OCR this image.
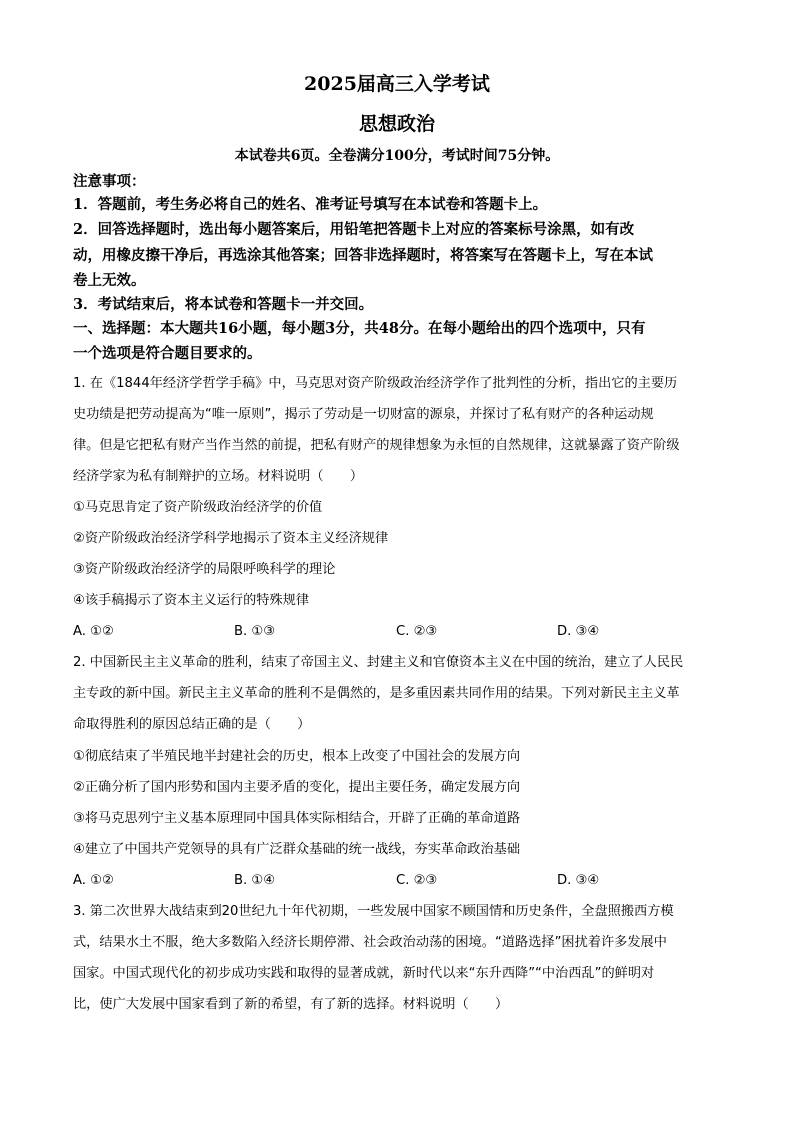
2025届高三入学考试
思想政治
本试卷共6页。全卷满分100分，考试时间75分钟。
注意事项：
1．答题前，考生务必将自己的姓名、准考证号填写在本试卷和答题卡上。
2．回答选择题时，选出每小题答案后，用铅笔把答题卡上对应的答案标号涂黑，如有改
动，用橡皮擦干净后，再选涂其他答案；回答非选择题时，将答案写在答题卡上，写在本试
卷上无效。
3．考试结束后，将本试卷和答题卡一并交回。
一、选择题：本大题共16小题，每小题3分，共48分。在每小题给出的四个选项中，只有
一个选项是符合题目要求的。
1. 在《1844年经济学哲学手稿》中，马克思对资产阶级政治经济学作了批判性的分析，指出它的主要历
史功绩是把劳动提高为“唯一原则”，揭示了劳动是一切财富的源泉，并探讨了私有财产的各种运动规
律。但是它把私有财产当作当然的前提，把私有财产的规律想象为永恒的自然规律，这就暴露了资产阶级
经济学家为私有制辩护的立场。材料说明（　　）
①马克思肯定了资产阶级政治经济学的价值
②资产阶级政治经济学科学地揭示了资本主义经济规律
③资产阶级政治经济学的局限呼唤科学的理论
④该手稿揭示了资本主义运行的特殊规律
A. ①②	B. ①③	C. ②③	D. ③④
2. 中国新民主主义革命的胜利，结束了帝国主义、封建主义和官僚资本主义在中国的统治，建立了人民民
主专政的新中国。新民主主义革命的胜利不是偶然的，是多重因素共同作用的结果。下列对新民主主义革
命取得胜利的原因总结正确的是（　　）
①彻底结束了半殖民地半封建社会的历史，根本上改变了中国社会的发展方向
②正确分析了国内形势和国内主要矛盾的变化，提出主要任务，确定发展方向
③将马克思列宁主义基本原理同中国具体实际相结合，开辟了正确的革命道路
④建立了中国共产党领导的具有广泛群众基础的统一战线，夯实革命政治基础
A. ①②	B. ①④	C. ②③	D. ③④
3. 第二次世界大战结束到20世纪九十年代初期，一些发展中国家不顾国情和历史条件，全盘照搬西方模
式，结果水土不服，绝大多数陷入经济长期停滞、社会政治动荡的困境。“道路选择”困扰着许多发展中
国家。中国式现代化的初步成功实践和取得的显著成就，新时代以来“东升西降”“中治西乱”的鲜明对
比，使广大发展中国家看到了新的希望，有了新的选择。材料说明（　　）
